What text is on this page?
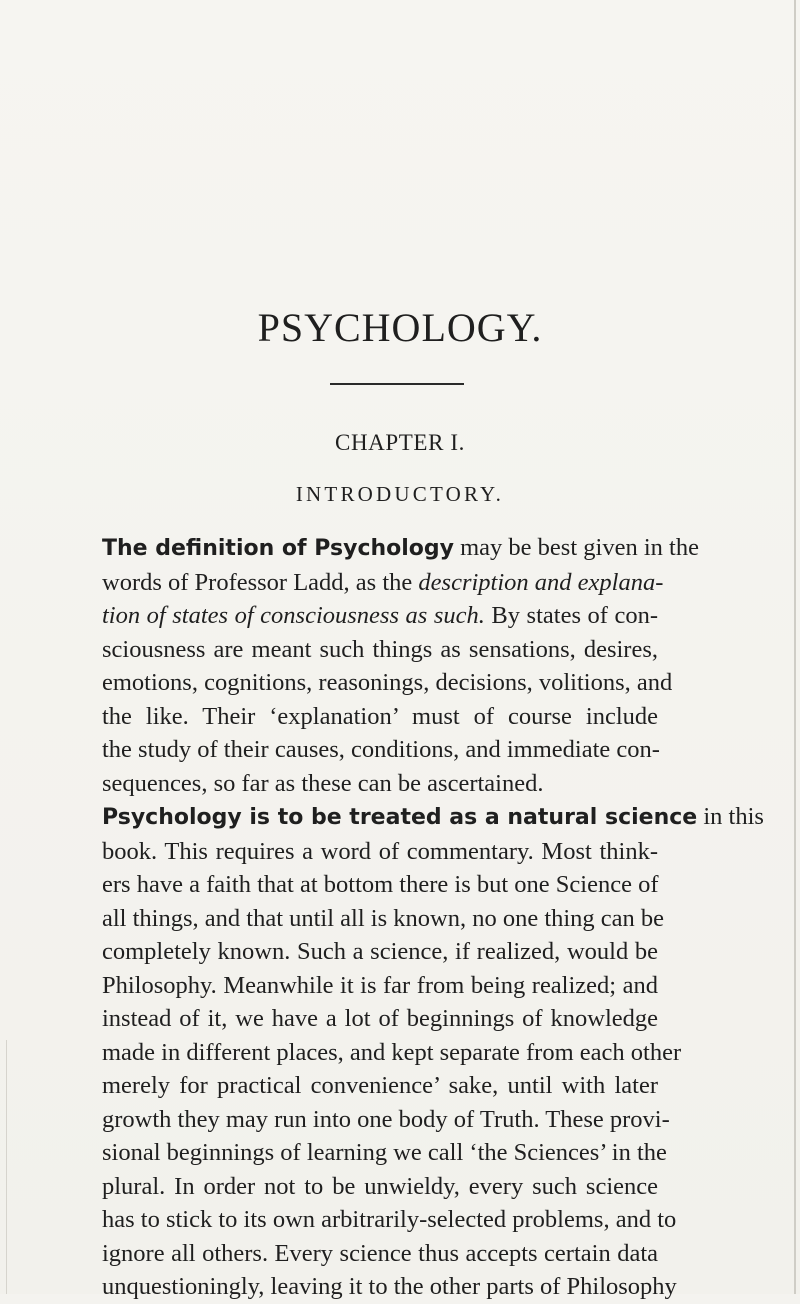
PSYCHOLOGY.
CHAPTER I.
INTRODUCTORY.
The definition of Psychology may be best given in the
words of Professor Ladd, as the description and explana-
tion of states of consciousness as such. By states of con-
sciousness are meant such things as sensations, desires,
emotions, cognitions, reasonings, decisions, volitions, and
the like. Their ‘explanation’ must of course include
the study of their causes, conditions, and immediate con-
sequences, so far as these can be ascertained.
Psychology is to be treated as a natural science in this
book. This requires a word of commentary. Most think-
ers have a faith that at bottom there is but one Science of
all things, and that until all is known, no one thing can be
completely known. Such a science, if realized, would be
Philosophy. Meanwhile it is far from being realized; and
instead of it, we have a lot of beginnings of knowledge
made in different places, and kept separate from each other
merely for practical convenience’ sake, until with later
growth they may run into one body of Truth. These provi-
sional beginnings of learning we call ‘the Sciences’ in the
plural. In order not to be unwieldy, every such science
has to stick to its own arbitrarily-selected problems, and to
ignore all others. Every science thus accepts certain data
unquestioningly, leaving it to the other parts of Philosophy
